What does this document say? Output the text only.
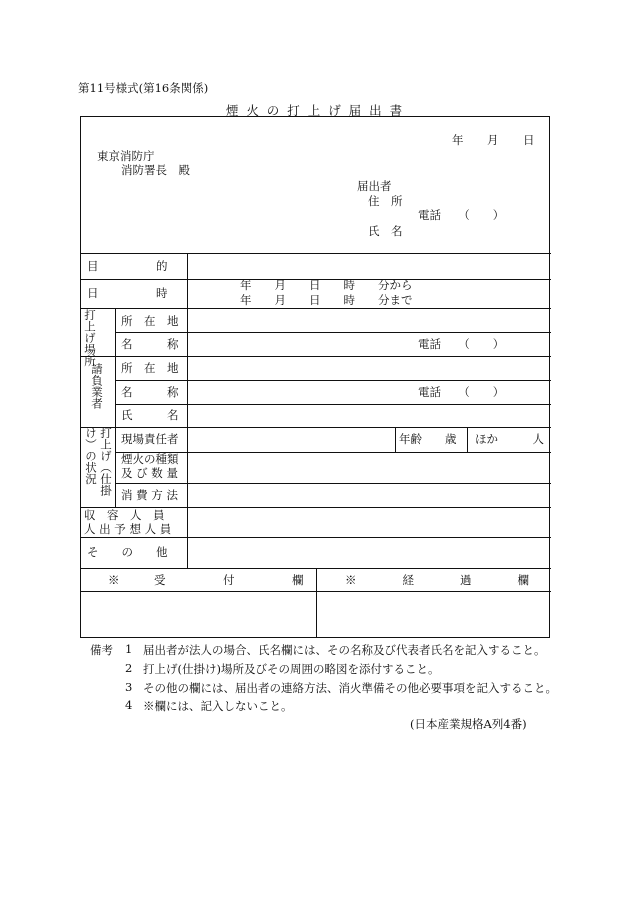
第11号様式(第16条関係)
煙 火 の 打 上 げ 届 出 書
年 月 日
東京消防庁
消防署長　殿
届出者
住　所
電話　　（　　）
氏　名
目　　　　　的
日　　　　　時
年　　月　　日　　時　　分から
年　　月　　日　　時　　分まで
打上げ場所 所　在　地
名　　　称	電話　　（　　）
請負業者 所　在　地
名　　　称	電話　　（　　）
氏　　　名
打上げ︵仕掛
け︶の状況 現場責任者	年齢　　歳 ほか　　　人
煙火の種類
及 び 数 量
消 費 方 法
収　容　人　員
人 出 予 想 人 員
そ　　の　　他
※　　　受　　　　　付　　　　　欄	※　　　　経　　　　過　　　　欄
備考 1 届出者が法人の場合、氏名欄には、その名称及び代表者氏名を記入すること。
2 打上げ(仕掛け)場所及びその周囲の略図を添付すること。
3 その他の欄には、届出者の連絡方法、消火準備その他必要事項を記入すること。
4 ※欄には、記入しないこと。
(日本産業規格A列4番)
